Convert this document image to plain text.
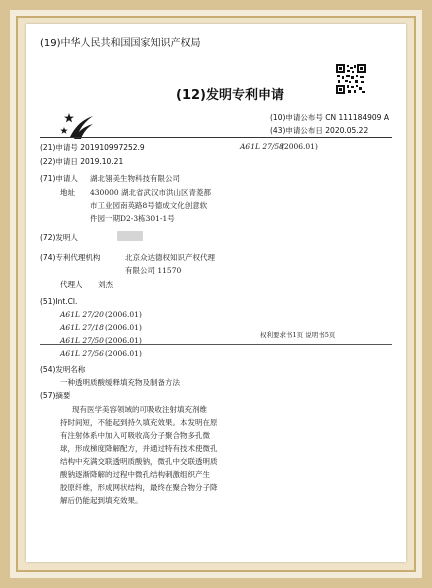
(19)中华人民共和国国家知识产权局
(12)发明专利申请
(10)申请公布号 CN 111184909 A
(43)申请公布日 2020.05.22
(21)申请号 201910997252.9
(22)申请日 2019.10.21
(71)申请人 湖北翎美生物科技有限公司
地址 430000 湖北省武汉市洪山区青菱都
市工业园南英路8号德成文化创意软
件园一期D2-3栋301-1号
(72)发明人
(74)专利代理机构	北京众达德权知识产权代理
有限公司 11570
代理人 刘杰
(51)Int.Cl.
A61L 27/20 (2006.01)
A61L 27/18 (2006.01)
A61L 27/50 (2006.01)
A61L 27/56 (2006.01)
A61L 27/58
(2006.01)
权利要求书1页 说明书5页
(54)发明名称
一种透明质酸缓释填充物及制备方法
(57)摘要
现有医学美容领域的可吸收注射填充剂维
持时间短，不能起到持久填充效果。本发明在原
有注射体系中加入可吸收高分子聚合物多孔微
球，形成梯度降解配方，并通过特有技术使微孔
结构中充满交联透明质酸钠，微孔中交联透明质
酸钠逐渐降解的过程中微孔结构刺激组织产生
胶原纤维，形成网状结构，最终在聚合物分子降
解后仍能起到填充效果。
